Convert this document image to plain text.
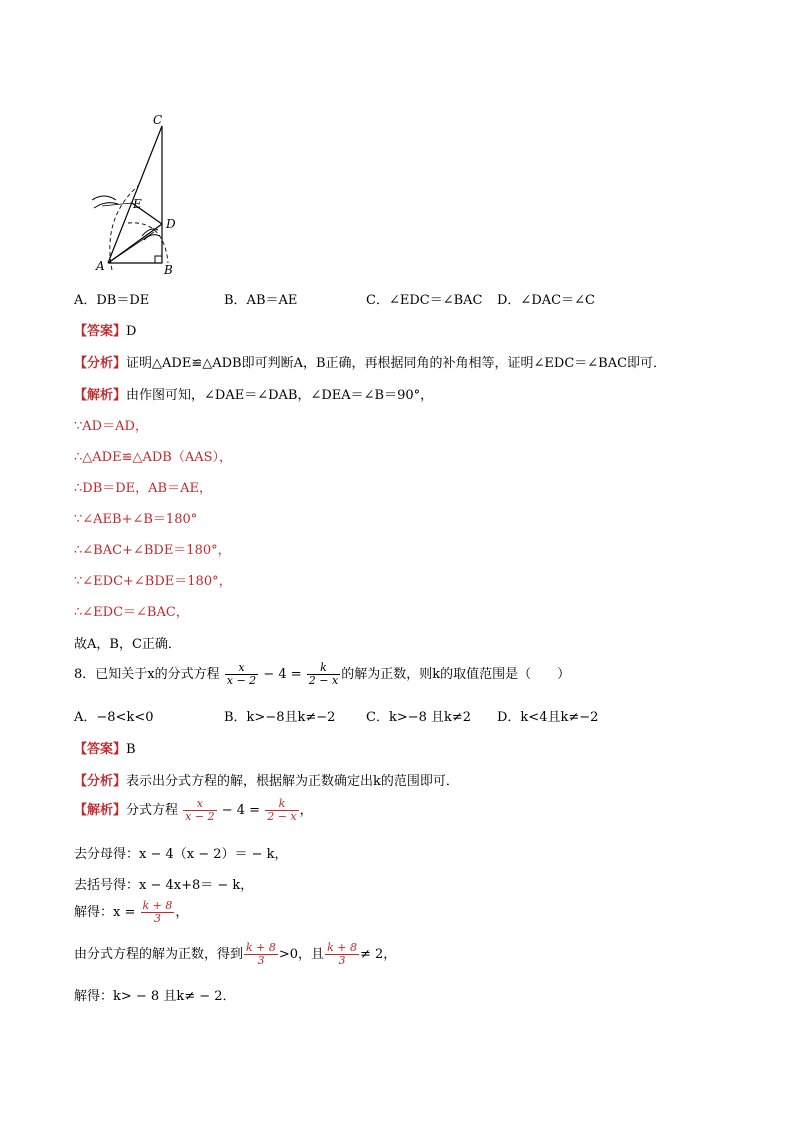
C
D
E
A	B
A．DB＝DE	B．AB＝AE	C．∠EDC＝∠BAC D．∠DAC＝∠C
【答案】D
【分析】证明△ADE≌△ADB即可判断A，B正确，再根据同角的补角相等，证明∠EDC＝∠BAC即可．
【解析】由作图可知，∠DAE＝∠DAB，∠DEA＝∠B＝90°，
∵AD＝AD，
∴△ADE≌△ADB（AAS），
∴DB＝DE，AB＝AE，
∵∠AEB+∠B＝180°
∴∠BAC+∠BDE＝180°，
∵∠EDC+∠BDE＝180°，
∴∠EDC＝∠BAC，
故A，B，C正确．
8．已知关于x的分式方程 $\frac{x}{x - 2} - 4 = \frac{k}{2 - x}$ 的解为正数，则k的取值范围是（　　）
A．−8<k<0	B．k>−8且k≠−2 C．k>−8 且k≠2 D．k<4且k≠−2
【答案】B
【分析】表示出分式方程的解，根据解为正数确定出k的范围即可．
【解析】分式方程 $\frac{x}{x - 2} - 4 = \frac{k}{2 - x}$ ，
去分母得：x − 4（x − 2）＝ − k，
去括号得：x − 4x+8＝ − k，
解得：$x = \frac{k + 8}{3}$ ，
由分式方程的解为正数，得到 $\frac{k + 8}{3} >0$，且 $\frac{k + 8}{3} \ne 2$，
解得：k> − 8 且k≠ − 2．
